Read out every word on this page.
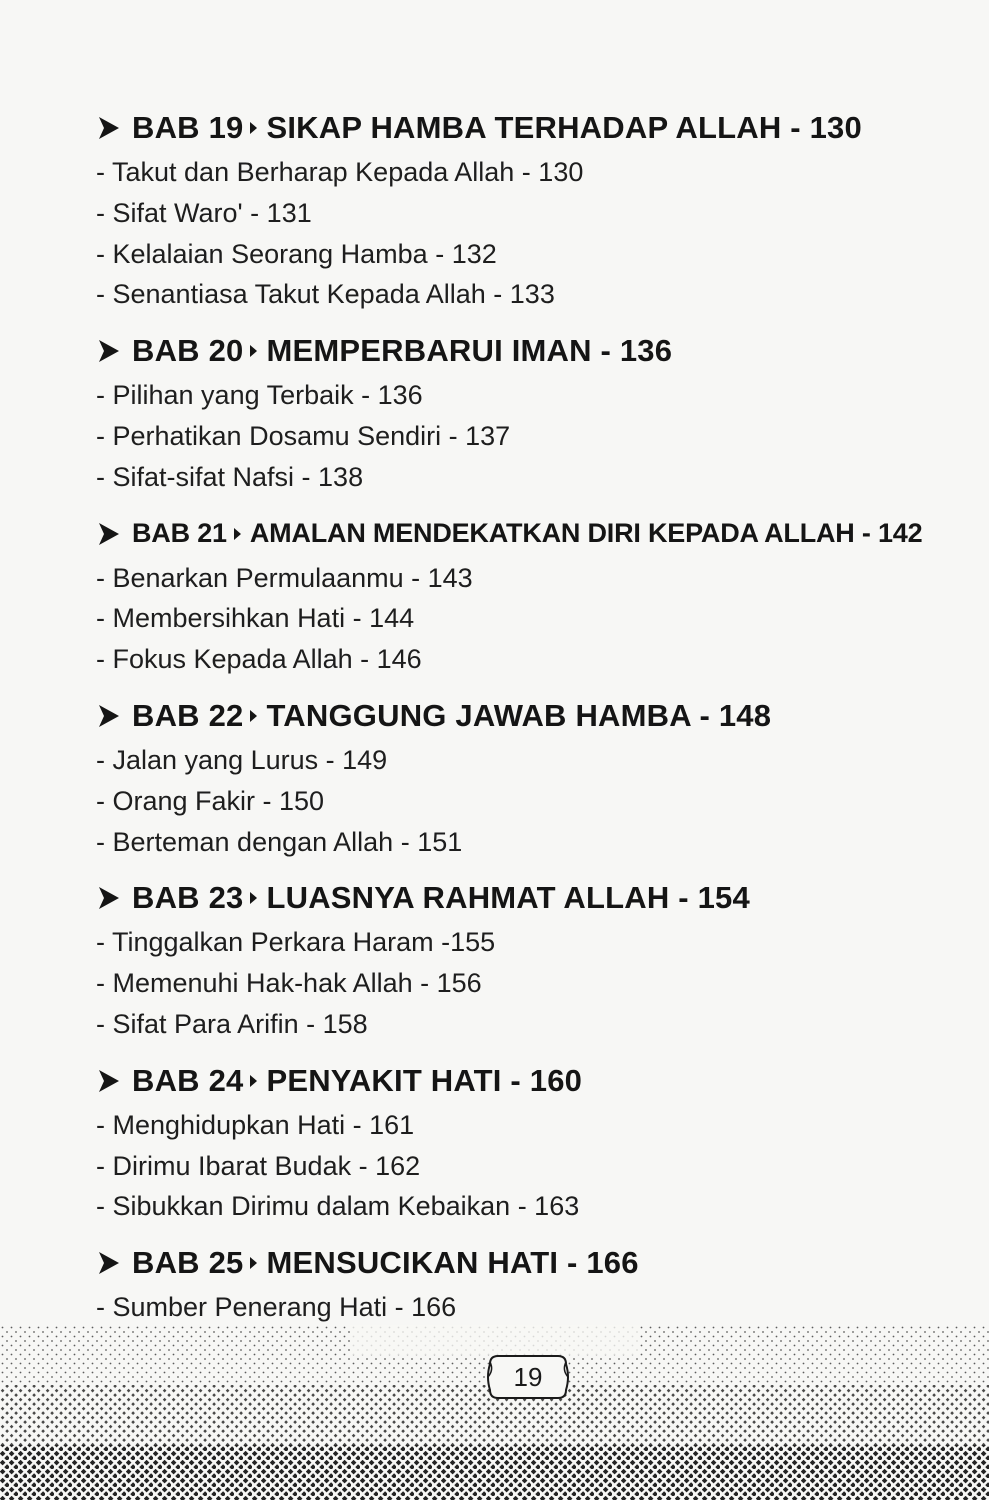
BAB 19 SIKAP HAMBA TERHADAP ALLAH - 130
- Takut dan Berharap Kepada Allah - 130
- Sifat Waro' - 131
- Kelalaian Seorang Hamba - 132
- Senantiasa Takut Kepada Allah - 133
BAB 20 MEMPERBARUI IMAN - 136
- Pilihan yang Terbaik - 136
- Perhatikan Dosamu Sendiri - 137
- Sifat-sifat Nafsi - 138
BAB 21 AMALAN MENDEKATKAN DIRI KEPADA ALLAH - 142
- Benarkan Permulaanmu - 143
- Membersihkan Hati - 144
- Fokus Kepada Allah - 146
BAB 22 TANGGUNG JAWAB HAMBA - 148
- Jalan yang Lurus - 149
- Orang Fakir - 150
- Berteman dengan Allah - 151
BAB 23 LUASNYA RAHMAT ALLAH - 154
- Tinggalkan Perkara Haram -155
- Memenuhi Hak-hak Allah - 156
- Sifat Para Arifin - 158
BAB 24 PENYAKIT HATI - 160
- Menghidupkan Hati - 161
- Dirimu Ibarat Budak - 162
- Sibukkan Dirimu dalam Kebaikan - 163
BAB 25 MENSUCIKAN HATI - 166
- Sumber Penerang Hati - 166
19
